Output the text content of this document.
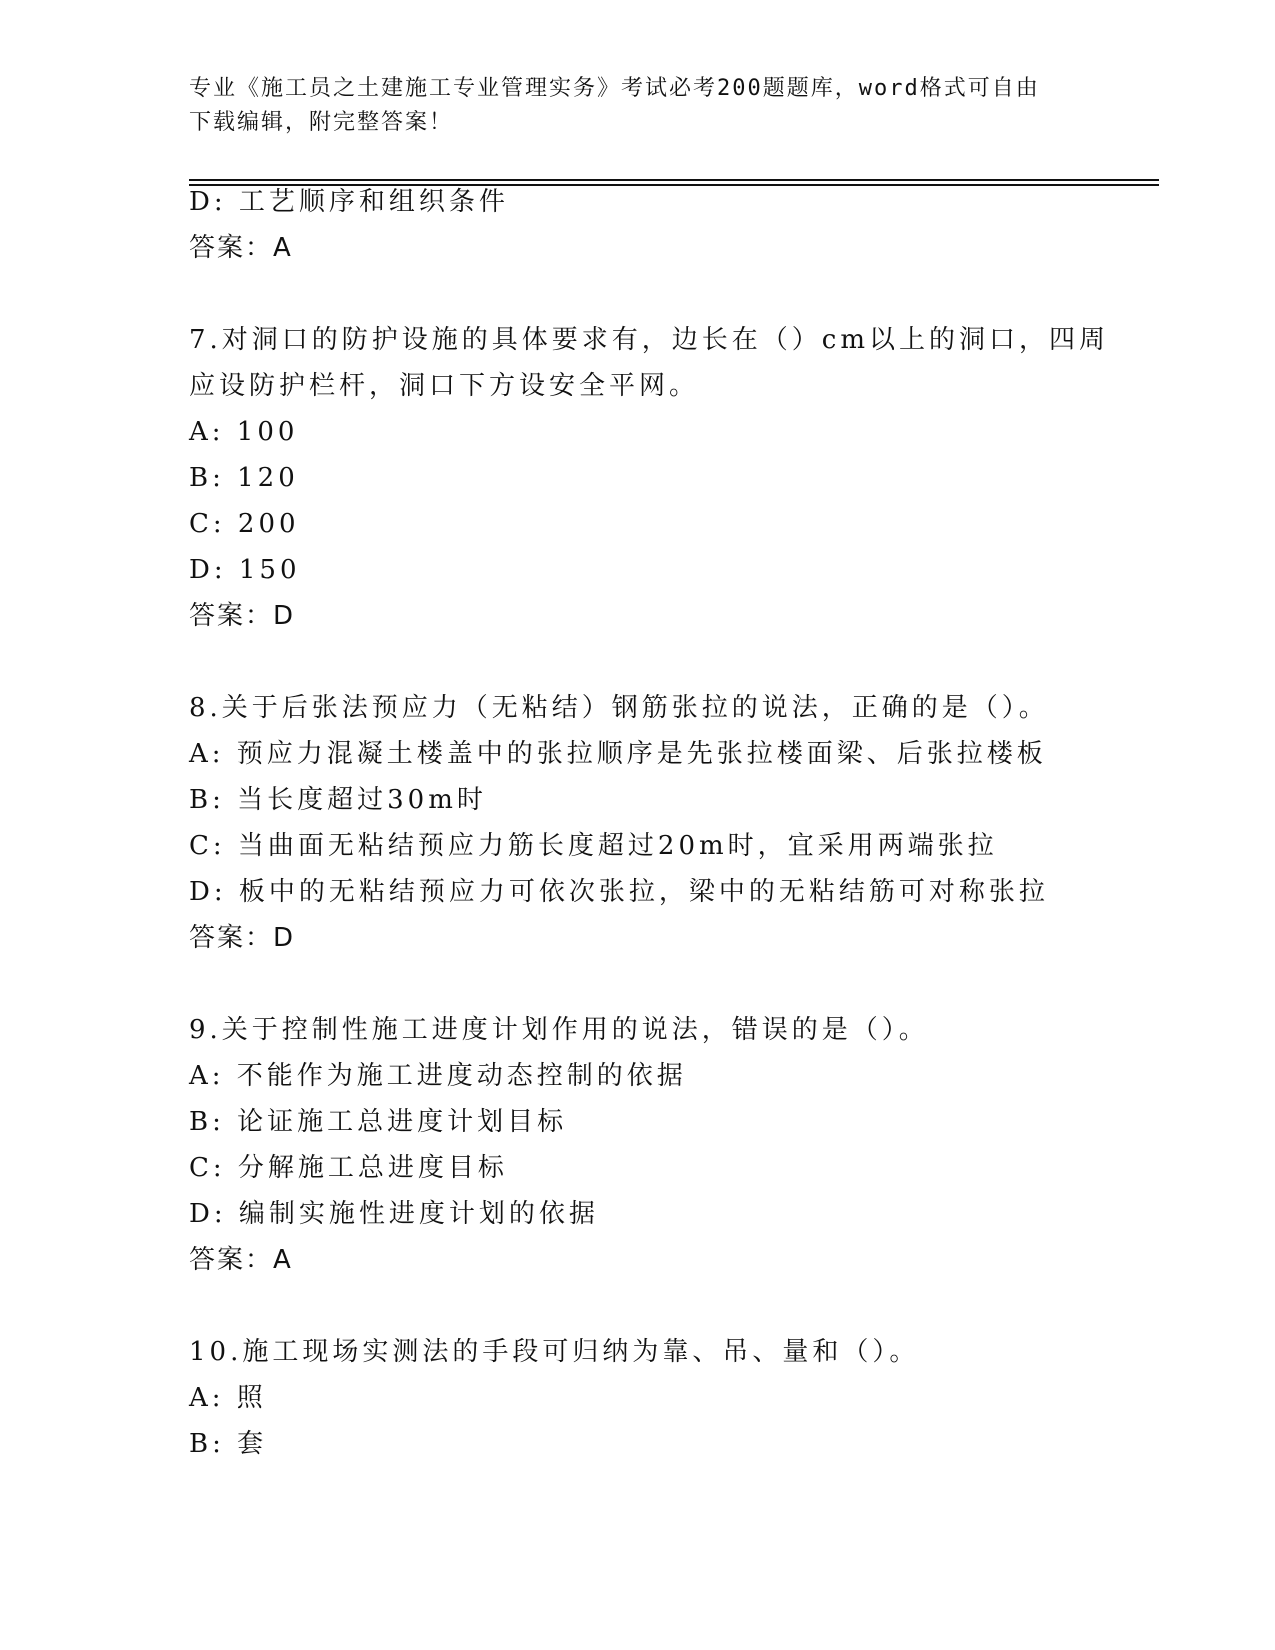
专业《施工员之土建施工专业管理实务》考试必考200题题库，word格式可自由
下载编辑，附完整答案！
D: 工艺顺序和组织条件
答案：A
7.对洞口的防护设施的具体要求有，边长在（）cm以上的洞口，四周
应设防护栏杆，洞口下方设安全平网。
A: 100
B: 120
C: 200
D: 150
答案：D
8.关于后张法预应力（无粘结）钢筋张拉的说法，正确的是（）。
A: 预应力混凝土楼盖中的张拉顺序是先张拉楼面梁、后张拉楼板
B: 当长度超过30m时
C: 当曲面无粘结预应力筋长度超过20m时，宜采用两端张拉
D: 板中的无粘结预应力可依次张拉，梁中的无粘结筋可对称张拉
答案：D
9.关于控制性施工进度计划作用的说法，错误的是（）。
A: 不能作为施工进度动态控制的依据
B: 论证施工总进度计划目标
C: 分解施工总进度目标
D: 编制实施性进度计划的依据
答案：A
10.施工现场实测法的手段可归纳为靠、吊、量和（）。
A: 照
B: 套
